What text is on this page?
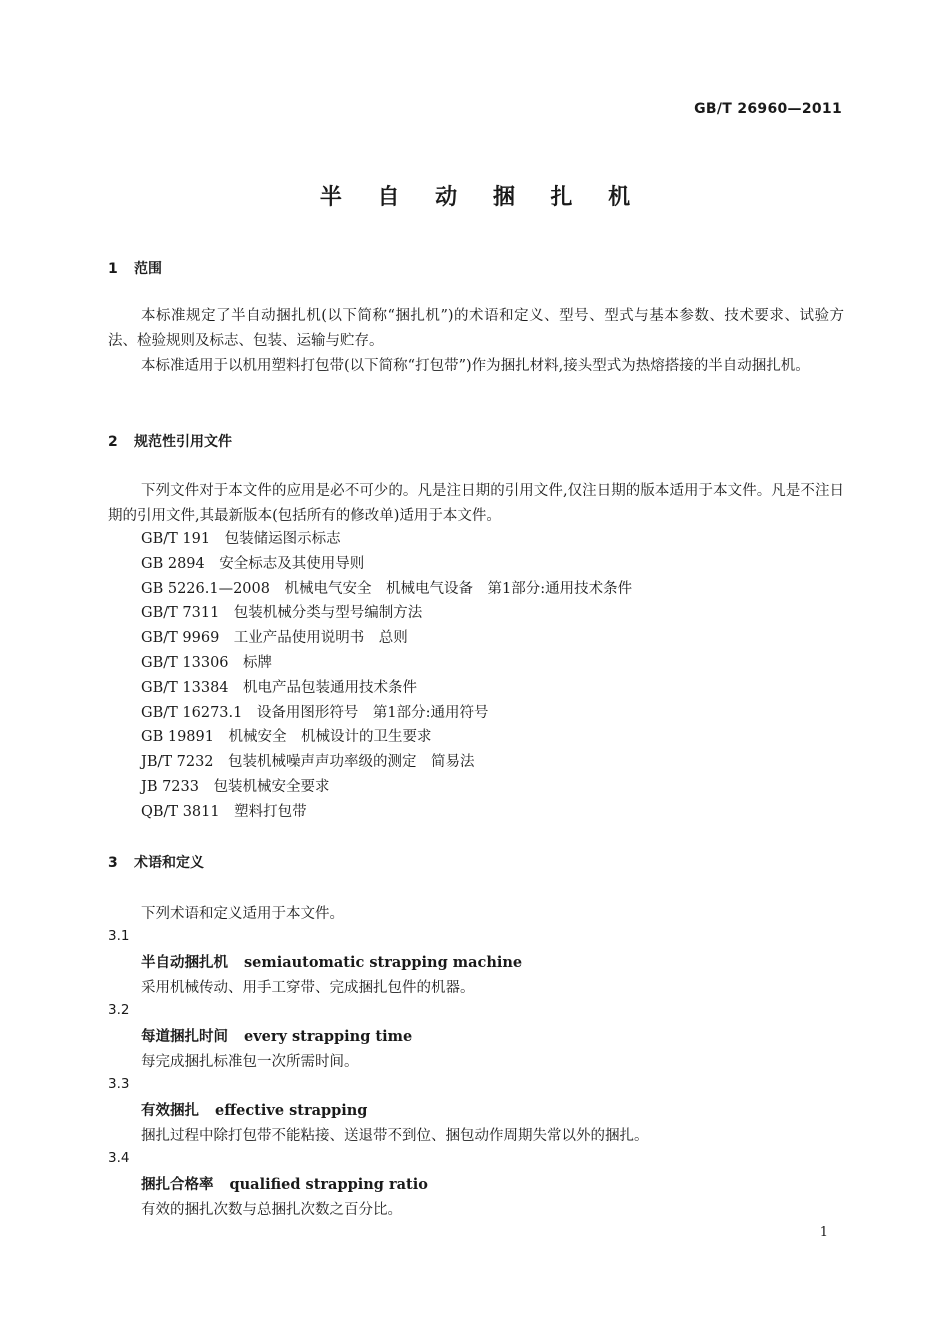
GB/T 26960—2011
半 自 动 捆 扎 机
1 范围
本标准规定了半自动捆扎机(以下简称“捆扎机”)的术语和定义、型号、型式与基本参数、技术要求、试验方法、检验规则及标志、包装、运输与贮存。
本标准适用于以机用塑料打包带(以下简称“打包带”)作为捆扎材料,接头型式为热熔搭接的半自动捆扎机。
2 规范性引用文件
下列文件对于本文件的应用是必不可少的。凡是注日期的引用文件,仅注日期的版本适用于本文件。凡是不注日期的引用文件,其最新版本(包括所有的修改单)适用于本文件。
GB/T 191　包装储运图示标志
GB 2894　安全标志及其使用导则
GB 5226.1—2008　机械电气安全　机械电气设备　第1部分:通用技术条件
GB/T 7311　包装机械分类与型号编制方法
GB/T 9969　工业产品使用说明书　总则
GB/T 13306　标牌
GB/T 13384　机电产品包装通用技术条件
GB/T 16273.1　设备用图形符号　第1部分:通用符号
GB 19891　机械安全　机械设计的卫生要求
JB/T 7232　包装机械噪声声功率级的测定　简易法
JB 7233　包装机械安全要求
QB/T 3811　塑料打包带
3 术语和定义
下列术语和定义适用于本文件。
3.1
半自动捆扎机 semiautomatic strapping machine
采用机械传动、用手工穿带、完成捆扎包件的机器。
3.2
每道捆扎时间 every strapping time
每完成捆扎标准包一次所需时间。
3.3
有效捆扎 effective strapping
捆扎过程中除打包带不能粘接、送退带不到位、捆包动作周期失常以外的捆扎。
3.4
捆扎合格率 qualified strapping ratio
有效的捆扎次数与总捆扎次数之百分比。
1
